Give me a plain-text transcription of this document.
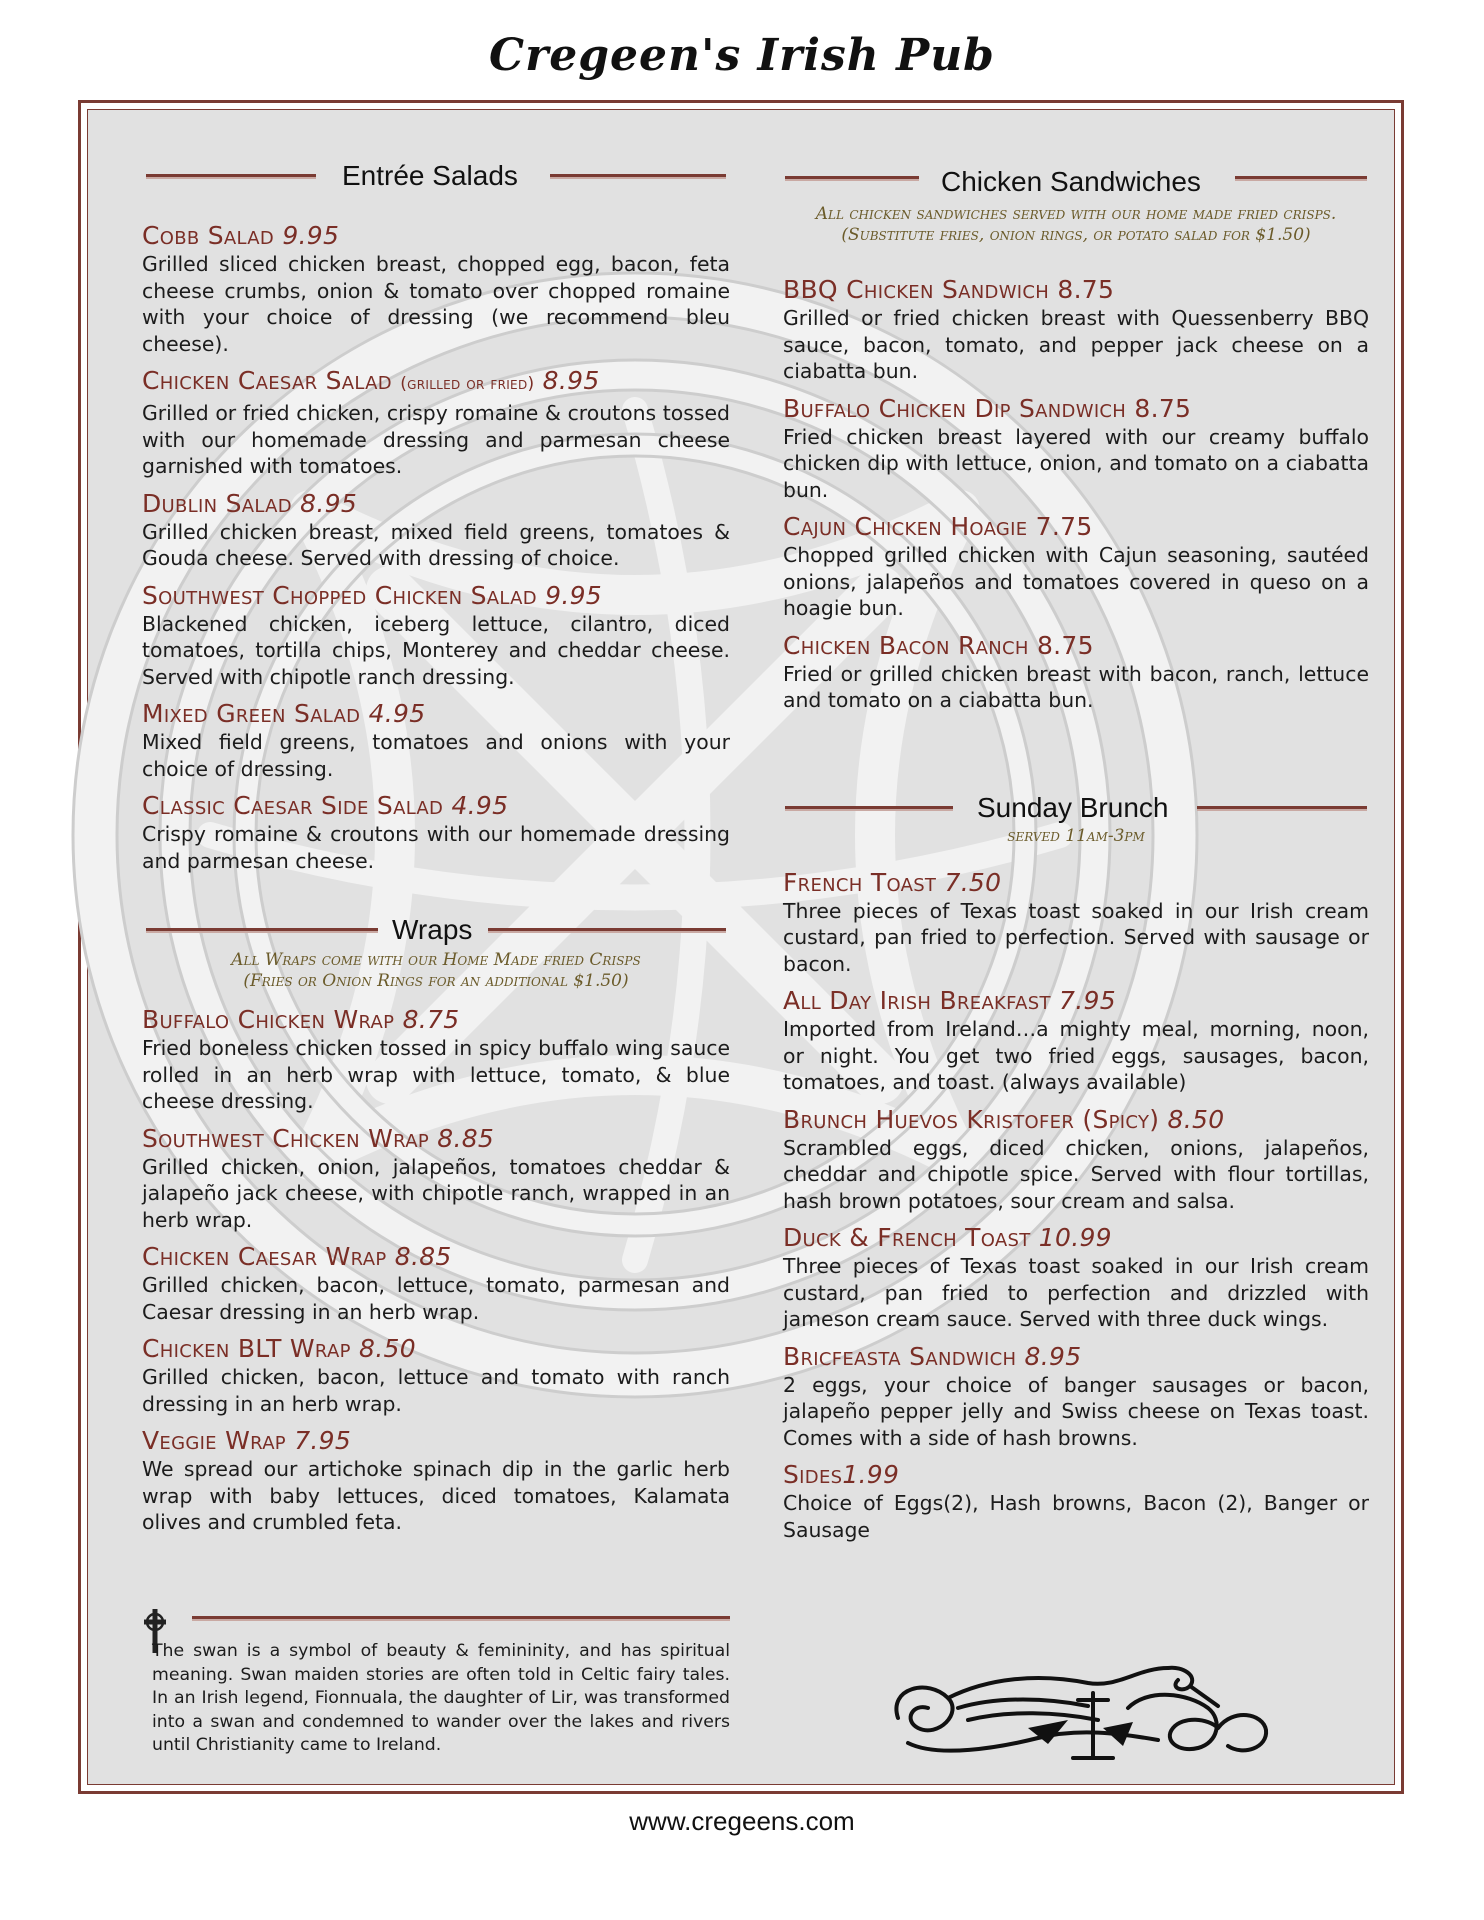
Cregeen's Irish Pub
Entrée Salads
Cobb Salad 9.95
Grilled sliced chicken breast, chopped egg, bacon, feta cheese crumbs, onion & tomato over chopped romaine with your choice of dressing (we recommend bleu cheese).
Chicken Caesar Salad (grilled or fried) 8.95
Grilled or fried chicken, crispy romaine & croutons tossed with our homemade dressing and parmesan cheese garnished with tomatoes.
Dublin Salad 8.95
Grilled chicken breast, mixed field greens, tomatoes & Gouda cheese. Served with dressing of choice.
Southwest Chopped Chicken Salad 9.95
Blackened chicken, iceberg lettuce, cilantro, diced tomatoes, tortilla chips, Monterey and cheddar cheese. Served with chipotle ranch dressing.
Mixed Green Salad 4.95
Mixed field greens, tomatoes and onions with your choice of dressing.
Classic Caesar Side Salad 4.95
Crispy romaine & croutons with our homemade dressing and parmesan cheese.
Wraps
All Wraps come with our Home Made fried Crisps
(Fries or Onion Rings for an additional $1.50)
Buffalo Chicken Wrap 8.75
Fried boneless chicken tossed in spicy buffalo wing sauce rolled in an herb wrap with lettuce, tomato, & blue cheese dressing.
Southwest Chicken Wrap 8.85
Grilled chicken, onion, jalapeños, tomatoes cheddar & jalapeño jack cheese, with chipotle ranch, wrapped in an herb wrap.
Chicken Caesar Wrap 8.85
Grilled chicken, bacon, lettuce, tomato, parmesan and Caesar dressing in an herb wrap.
Chicken BLT Wrap 8.50
Grilled chicken, bacon, lettuce and tomato with ranch dressing in an herb wrap.
Veggie Wrap 7.95
We spread our artichoke spinach dip in the garlic herb wrap with baby lettuces, diced tomatoes, Kalamata olives and crumbled feta.
The swan is a symbol of beauty & femininity, and has spiritual meaning. Swan maiden stories are often told in Celtic fairy tales. In an Irish legend, Fionnuala, the daughter of Lir, was transformed into a swan and condemned to wander over the lakes and rivers until Christianity came to Ireland.
Chicken Sandwiches
All chicken sandwiches served with our home made fried crisps. (Substitute fries, onion rings, or potato salad for $1.50)
BBQ Chicken Sandwich 8.75
Grilled or fried chicken breast with Quessenberry BBQ sauce, bacon, tomato, and pepper jack cheese on a ciabatta bun.
Buffalo Chicken Dip Sandwich 8.75
Fried chicken breast layered with our creamy buffalo chicken dip with lettuce, onion, and tomato on a ciabatta bun.
Cajun Chicken Hoagie 7.75
Chopped grilled chicken with Cajun seasoning, sautéed onions, jalapeños and tomatoes covered in queso on a hoagie bun.
Chicken Bacon Ranch 8.75
Fried or grilled chicken breast with bacon, ranch, lettuce and tomato on a ciabatta bun.
Sunday Brunch
served 11am-3pm
French Toast 7.50
Three pieces of Texas toast soaked in our Irish cream custard, pan fried to perfection. Served with sausage or bacon.
All Day Irish Breakfast 7.95
Imported from Ireland…a mighty meal, morning, noon, or night. You get two fried eggs, sausages, bacon, tomatoes, and toast. (always available)
Brunch Huevos Kristofer (Spicy) 8.50
Scrambled eggs, diced chicken, onions, jalapeños, cheddar and chipotle spice. Served with flour tortillas, hash brown potatoes, sour cream and salsa.
Duck & French Toast 10.99
Three pieces of Texas toast soaked in our Irish cream custard, pan fried to perfection and drizzled with jameson cream sauce. Served with three duck wings.
Bricfeasta Sandwich 8.95
2 eggs, your choice of banger sausages or bacon, jalapeño pepper jelly and Swiss cheese on Texas toast. Comes with a side of hash browns.
Sides1.99
Choice of Eggs(2), Hash browns, Bacon (2), Banger or Sausage
www.cregeens.com
